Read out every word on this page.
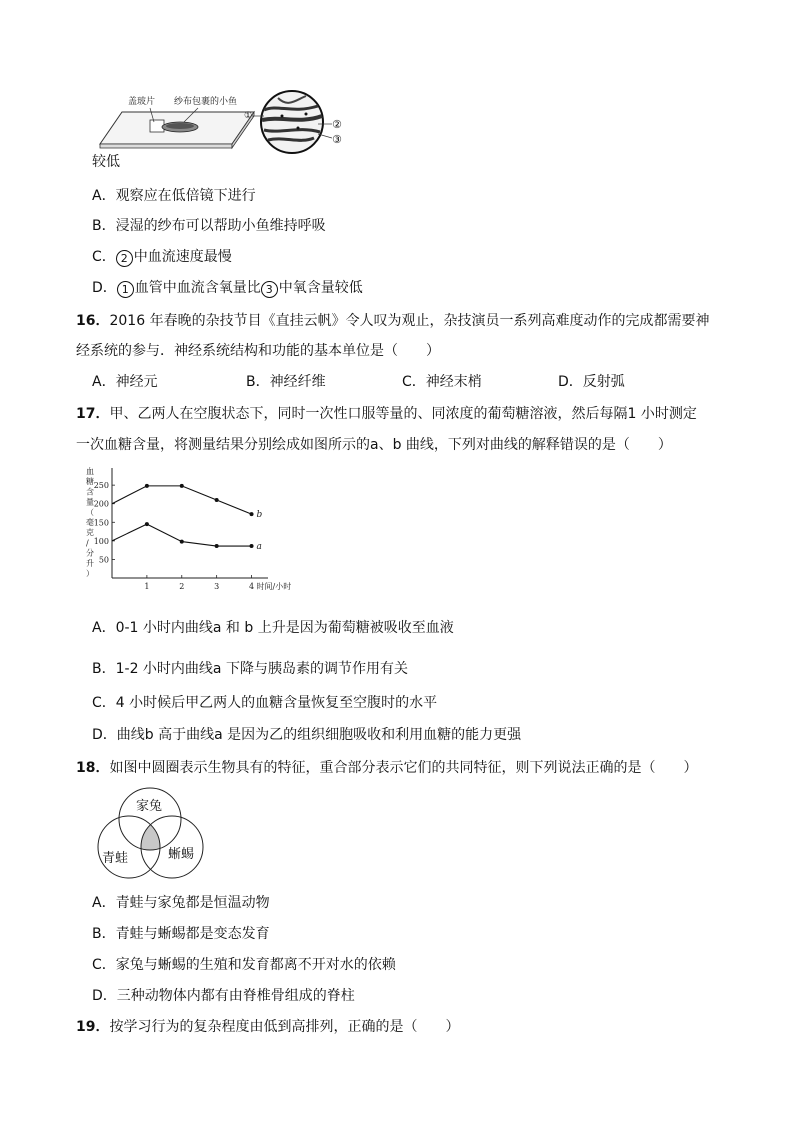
盖玻片 纱布包裹的小鱼
①
②
③
较低
A．观察应在低倍镜下进行
B．浸湿的纱布可以帮助小鱼维持呼吸
C． 2 中血流速度最慢
D． 1 血管中血流含氧量比 3 中氧含量较低
16．2016 年春晚的杂技节目《直挂云帆》令人叹为观止，杂技演员一系列高难度动作的完成都需要神
经系统的参与．神经系统结构和功能的基本单位是（　　）
A．神经元	B．神经纤维	C．神经末梢	D．反射弧
17．甲、乙两人在空腹状态下，同时一次性口服等量的、同浓度的葡萄糖溶液，然后每隔1 小时测定
一次血糖含量，将测量结果分别绘成如图所示的a、b 曲线，下列对曲线的解释错误的是（　　）
血
糖
含
量
（
毫
克
/
分
升
）
50
100
150
200
250
1	2	3	4 时间/小时
b
a
A．0-1 小时内曲线a 和 b 上升是因为葡萄糖被吸收至血液
B．1-2 小时内曲线a 下降与胰岛素的调节作用有关
C．4 小时候后甲乙两人的血糖含量恢复至空腹时的水平
D．曲线b 高于曲线a 是因为乙的组织细胞吸收和利用血糖的能力更强
18．如图中圆圈表示生物具有的特征，重合部分表示它们的共同特征，则下列说法正确的是（　　）
家兔
青蛙	蜥蜴
A．青蛙与家兔都是恒温动物
B．青蛙与蜥蜴都是变态发育
C．家兔与蜥蜴的生殖和发育都离不开对水的依赖
D．三种动物体内都有由脊椎骨组成的脊柱
19．按学习行为的复杂程度由低到高排列，正确的是（　　）
